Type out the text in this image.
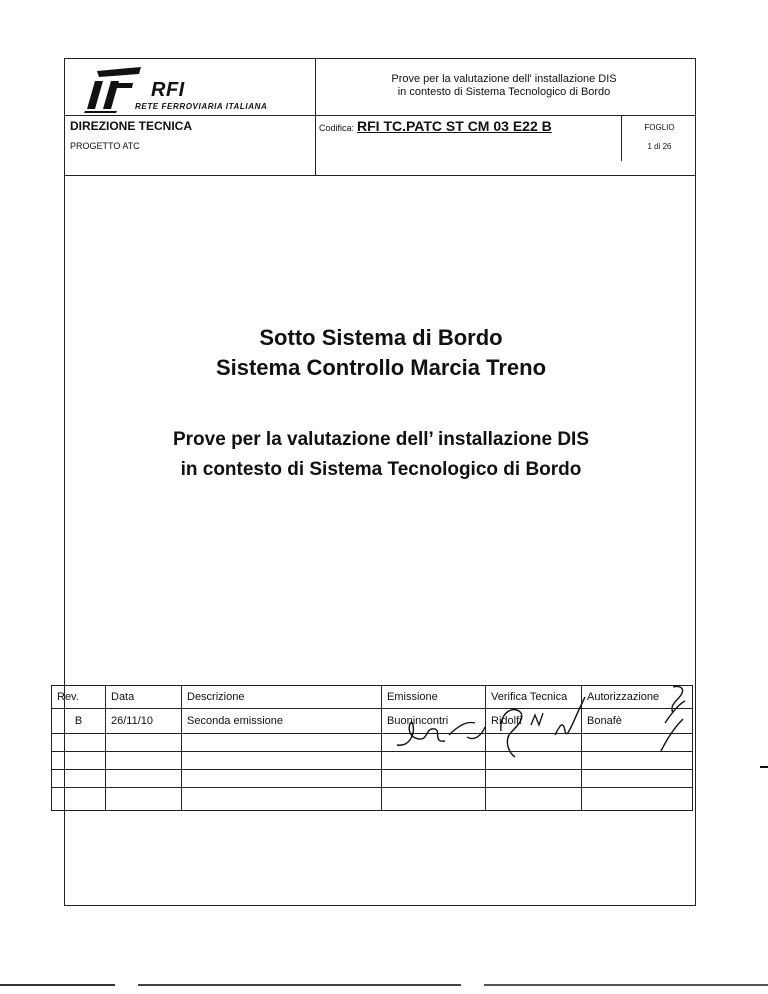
RFI
RETE FERROVIARIA ITALIANA
Prove per la valutazione dell' installazione DIS
in contesto di Sistema Tecnologico di Bordo
DIREZIONE TECNICA
PROGETTO ATC
Codifica: RFI TC.PATC ST CM 03 E22 B	FOGLIO
1 di 26
Sotto Sistema di Bordo
Sistema Controllo Marcia Treno
Prove per la valutazione dell’ installazione DIS
in contesto di Sistema Tecnologico di Bordo
Rev.	Data	Descrizione	Emissione	Verifica Tecnica	Autorizzazione
B	26/11/10	Seconda emissione	Buonincontri	Ridolfi	Bonafè
